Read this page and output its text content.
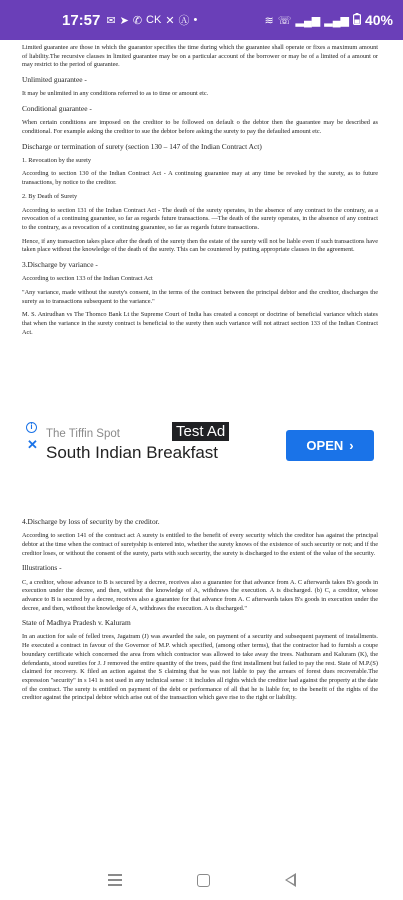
17:57 ✉ ➤ ✆ CK ✕ Ⓐ •	≋ ☏ ▂▄▆ ▂▄▆ 40%

Limited guarantee are those in which the guarantor specifies the time during which the guarantee shall operate or fixes a maximum amount of liability.The recursive clauses in limited guarantee may be on a particular account of the borrower or may be of a limited of a amount or may restrict to the period of guarantee.

Unlimited guarantee -

It may be unlimited in any conditions referred to as to time or amount etc.

Conditional guarantee -

When certain conditions are imposed on the creditor to be followed on default o the debtor then the guarantee may be described as conditional. For example asking the creditor to sue the debtor before asking the surety to pay the defaulted amount etc.

Discharge or termination of surety (section 130 – 147 of the Indian Contract Act)

1. Revocation by the surety

According to section 130 of the Indian Contract Act - A continuing guarantee may at any time be revoked by the surety, as to future transactions, by notice to the creditor.

2. By Death of Surety

According to section 131 of the Indian Contract Act - The death of the surety operates, in the absence of any contract to the contrary, as a revocation of a continuing guarantee, so far as regards future transactions. —The death of the surety operates, in the absence of any contract to the contrary, as a revocation of a continuing guarantee, so far as regards future transactions.

Hence, if any transaction takes place after the death of the surety then the estate of the surety will not be liable even if such transactions have taken place without the knowledge of the death of the surety. This can be countered by putting appropriate clauses in the agreement.

3.Discharge by variance -

According to section 133 of the Indian Contract Act

"Any variance, made without the surety's consent, in the terms of the contract between the principal debtor and the creditor, discharges the surety as to transactions subsequent to the variance."

M. S. Anirudhan vs The Thomco Bank Lt the Supreme Court of India has created a concept or doctrine of beneficial variance which states that when the variance in the surety contract is beneficial to the surety then such variance will not attract section 133 of the Indian Contract Act.

4.Discharge by loss of security by the creditor.

According to section 141 of the contract act A surety is entitled to the benefit of every security which the creditor has against the principal debtor at the time when the contract of suretyship is entered into, whether the surety knows of the existence of such security or not; and if the creditor loses, or without the consent of the surety, parts with such security, the surety is discharged to the extent of the value of the security.

Illustrations -

C, a creditor, whose advance to B is secured by a decree, receives also a guarantee for that advance from A. C afterwards takes B's goods in execution under the decree, and then, without the knowledge of A, withdraws the execution. A is discharged. (b) C, a creditor, whose advance to B is secured by a decree, receives also a guarantee for that advance from A. C afterwards takes B's goods in execution under the decree, and then, without the knowledge of A, withdraws the execution. A is discharged."

State of Madhya Pradesh v. Kaluram

In an auction for sale of felled trees, Jagatram (J) was awarded the sale, on payment of a security and subsequent payment of installments. He executed a contract in favour of the Governor of M.P. which specified, (among other terms), that the contractor had to furnish a coupe boundary certificate which concerned the area from which contractor was allowed to take away the trees. Nathuram and Kaluram (K), the defendants, stood sureties for J. J removed the entire quantity of the trees, paid the first installment but failed to pay the rest. State of M.P.(S) claimed for recovery. K filed an action against the S claiming that he was not liable to pay the arrears of forest dues recoverable.The expression "security" in s 141 is not used in any technical sense : it includes all rights which the creditor had against the property at the date of the contract. The surety is entitled on payment of the debt or performance of all that he is liable for, to the benefit of the rights of the creditor against the principal debtor which arise out of the transaction which gave rise to the right or liability.

i
✕
The Tiffin Spot
South Indian Breakfast
Test Ad
OPEN ›
